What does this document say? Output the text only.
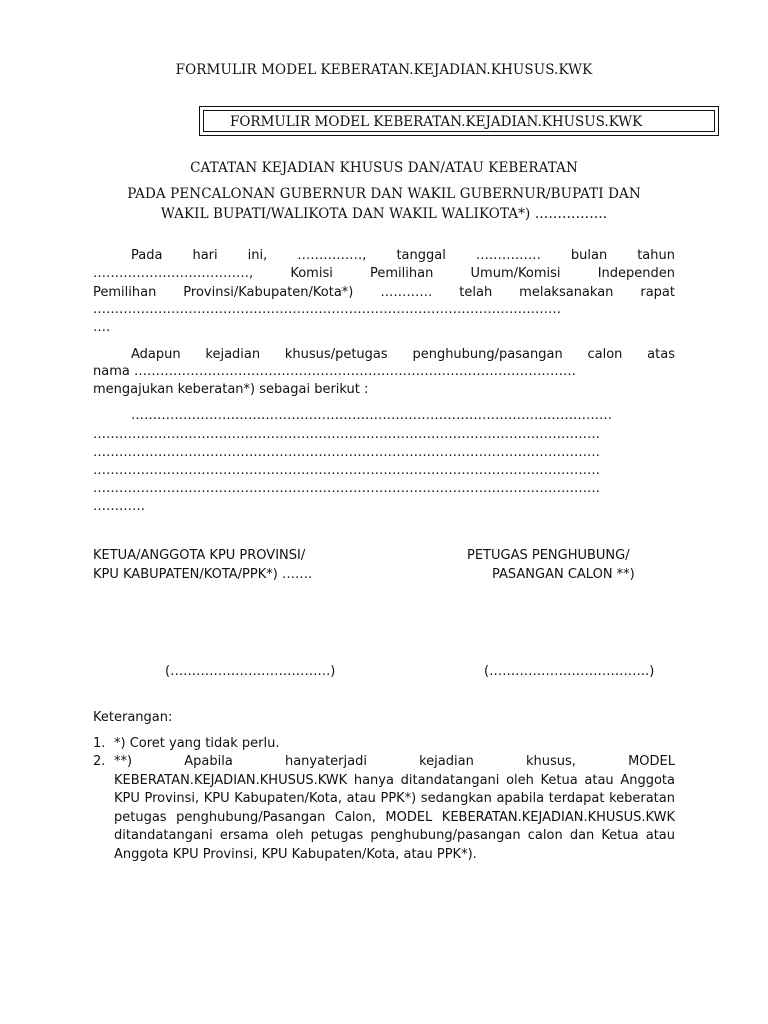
FORMULIR MODEL KEBERATAN.KEJADIAN.KHUSUS.KWK
FORMULIR MODEL KEBERATAN.KEJADIAN.KHUSUS.KWK
CATATAN KEJADIAN KHUSUS DAN/ATAU KEBERATAN
PADA PENCALONAN GUBERNUR DAN WAKIL GUBERNUR/BUPATI DAN
WAKIL BUPATI/WALIKOTA DAN WAKIL WALIKOTA*) …………….
Pada hari ini, ……………, tanggal …………… bulan tahun
………………………………, Komisi Pemilihan Umum/Komisi Independen
Pemilihan Provinsi/Kabupaten/Kota*) ………… telah melaksanakan rapat
………………………………………………………………………………………………
….
Adapun kejadian khusus/petugas penghubung/pasangan calon atas
nama …………………………………………………………………………………………
mengajukan keberatan*) sebagai berikut :
…………………………………………………………………………………………………
………………………………………………………………………………………………………
………………………………………………………………………………………………………
………………………………………………………………………………………………………
………………………………………………………………………………………………………
…………
KETUA/ANGGOTA KPU PROVINSI/
KPU KABUPATEN/KOTA/PPK*) …….
PETUGAS PENGHUBUNG/
PASANGAN CALON **)
(……………………………….)	(……………………………….)
Keterangan:
1. *) Coret yang tidak perlu.
2. **) Apabila hanyaterjadi kejadian khusus, MODEL
KEBERATAN.KEJADIAN.KHUSUS.KWK hanya ditandatangani oleh Ketua atau Anggota KPU Provinsi, KPU Kabupaten/Kota, atau PPK*) sedangkan apabila terdapat keberatan petugas penghubung/Pasangan Calon, MODEL KEBERATAN.KEJADIAN.KHUSUS.KWK ditandatangani ersama oleh petugas penghubung/pasangan calon dan Ketua atau Anggota KPU Provinsi, KPU Kabupaten/Kota, atau PPK*).
